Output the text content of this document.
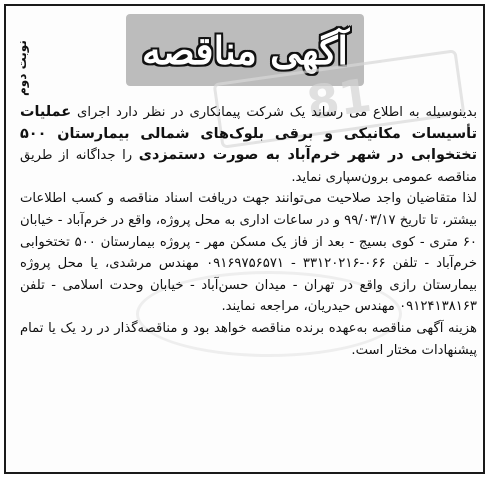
نوبت دوم	آگهی مناقصه
81

بدینوسیله به اطلاع می رساند یک شرکت پیمانکاری در نظر دارد اجرای عملیات تأسیسات مکانیکی و برقی بلوک‌های شمالی بیمارستان ۵۰۰ تختخوابی در شهر خرم‌آباد به صورت دستمزدی را جداگانه از طریق مناقصه عمومی برون‌سپاری نماید.

لذا متقاضیان واجد صلاحیت می‌توانند جهت دریافت اسناد مناقصه و کسب اطلاعات بیشتر، تا تاریخ ۹۹/۰۳/۱۷ و در ساعات اداری به محل پروژه، واقع در خرم‌آباد - خیابان ۶۰ متری - کوی بسیج - بعد از فاز یک مسکن مهر - پروژه بیمارستان ۵۰۰ تختخوابی خرم‌آباد - تلفن ۰۶۶-۳۳۱۲۰۲۱۶ - ۰۹۱۶۹۷۵۶۵۷۱ مهندس مرشدی، یا محل پروژه بیمارستان رازی واقع در تهران - میدان حسن‌آباد - خیابان وحدت اسلامی - تلفن ۰۹۱۲۴۱۳۸۱۶۳ مهندس حیدریان، مراجعه نمایند.

هزینه آگهی مناقصه به‌عهده برنده مناقصه خواهد بود و مناقصه‌گذار در رد یک یا تمام پیشنهادات مختار است.
